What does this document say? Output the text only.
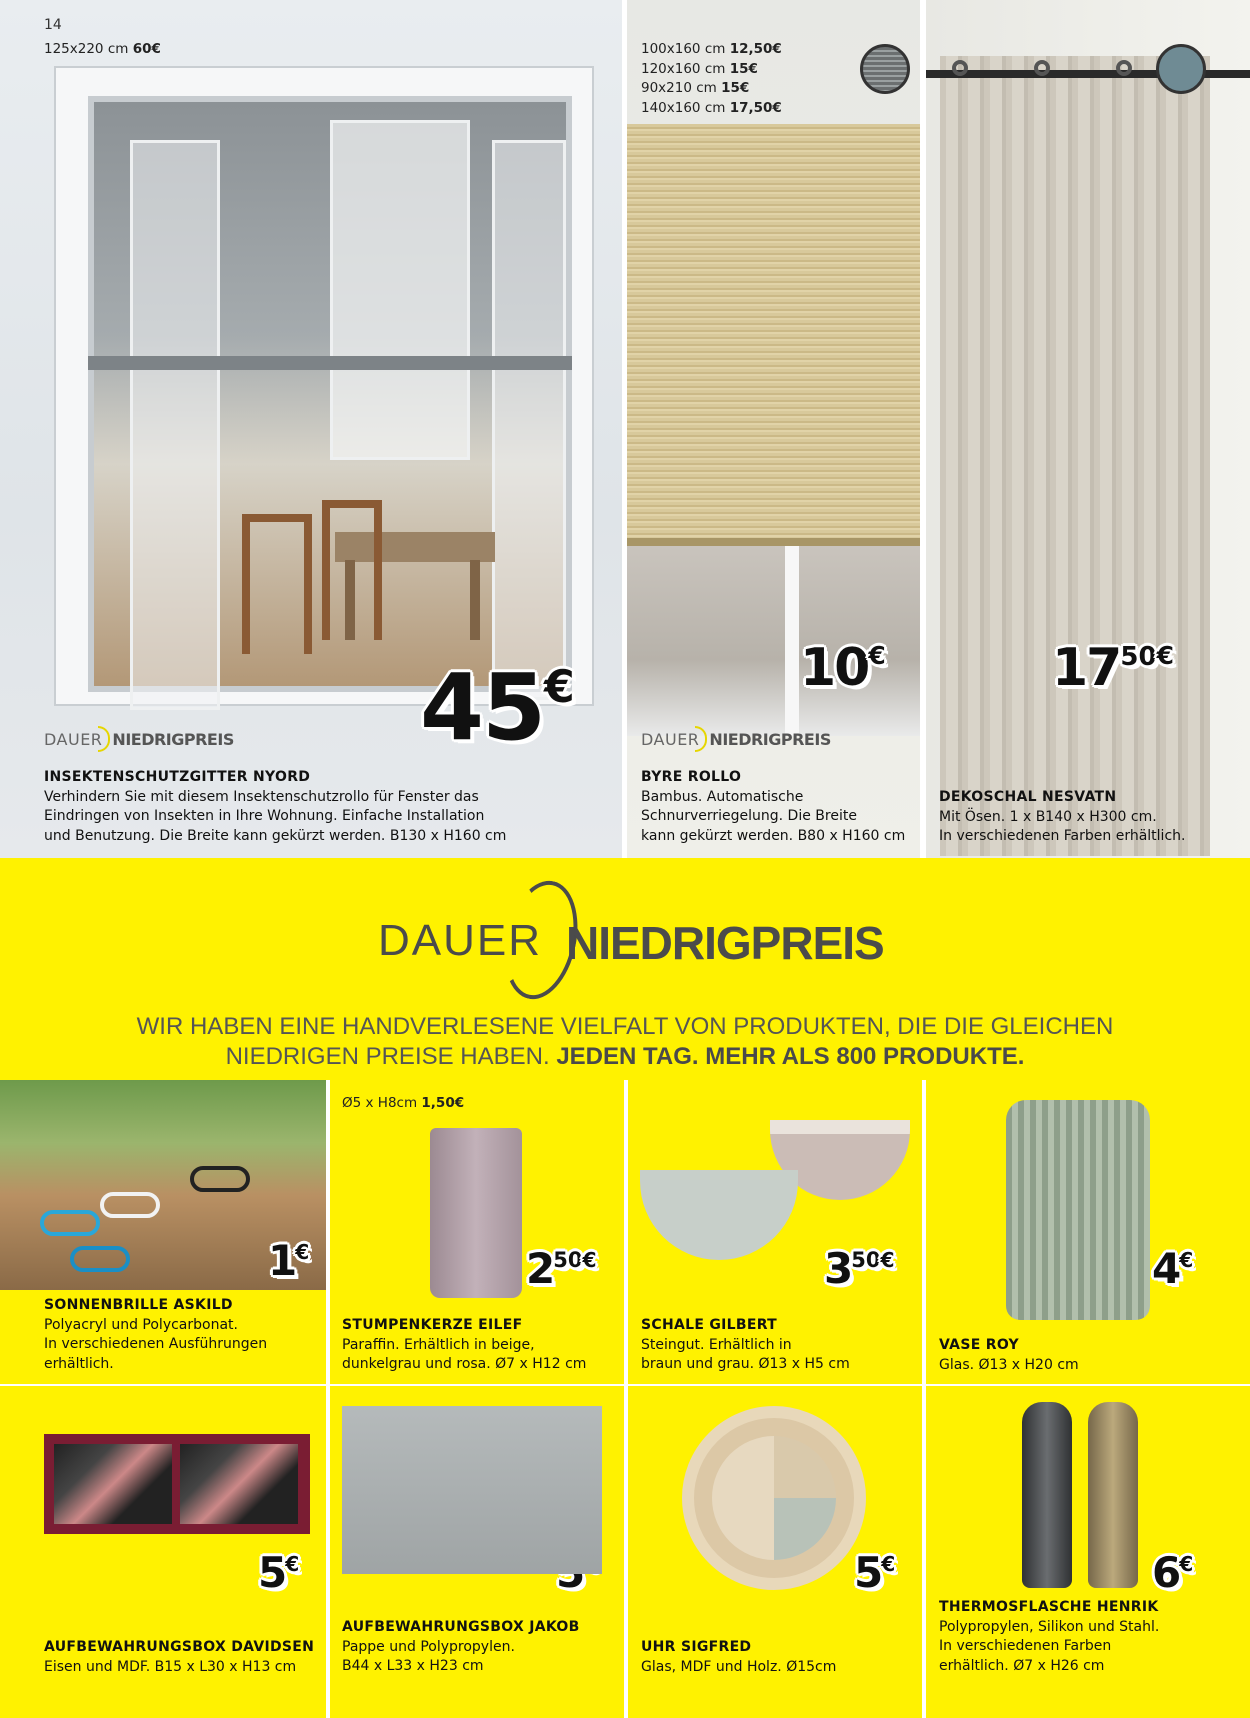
14
125x220 cm 60€
45€
DAUER NIEDRIGPREIS
INSEKTENSCHUTZGITTER NYORD
Verhindern Sie mit diesem Insektenschutzrollo für Fenster das
Eindringen von Insekten in Ihre Wohnung. Einfache Installation
und Benutzung. Die Breite kann gekürzt werden. B130 x H160 cm
100x160 cm 12,50€
120x160 cm 15€
90x210 cm 15€
140x160 cm 17,50€
10€
DAUER NIEDRIGPREIS
BYRE ROLLO
Bambus. Automatische
Schnurverriegelung. Die Breite
kann gekürzt werden. B80 x H160 cm
$17^{50€}$
DEKOSCHAL NESVATN
Mit Ösen. 1 x B140 x H300 cm.
In verschiedenen Farben erhältlich.
DAUER NIEDRIGPREIS
WIR HABEN EINE HANDVERLESENE VIELFALT VON PRODUKTEN, DIE DIE GLEICHEN
NIEDRIGEN PREISE HABEN. JEDEN TAG. MEHR ALS 800 PRODUKTE.
1€
SONNENBRILLE ASKILD
Polyacryl und Polycarbonat.
In verschiedenen Ausführungen
erhältlich.
Ø5 x H8cm 1,50€
$2^{50€}$
STUMPENKERZE EILEF
Paraffin. Erhältlich in beige,
dunkelgrau und rosa. Ø7 x H12 cm
$3^{50€}$
SCHALE GILBERT
Steingut. Erhältlich in
braun und grau. Ø13 x H5 cm
4€
VASE ROY
Glas. Ø13 x H20 cm
5€
AUFBEWAHRUNGSBOX DAVIDSEN
Eisen und MDF. B15 x L30 x H13 cm
AUFBEWAHRUNGSBOX JAKOB
Pappe und Polypropylen.
B44 x L33 x H23 cm
5€
UHR SIGFRED
Glas, MDF und Holz. Ø15cm
6€
THERMOSFLASCHE HENRIK
Polypropylen, Silikon und Stahl.
In verschiedenen Farben
erhältlich. Ø7 x H26 cm
